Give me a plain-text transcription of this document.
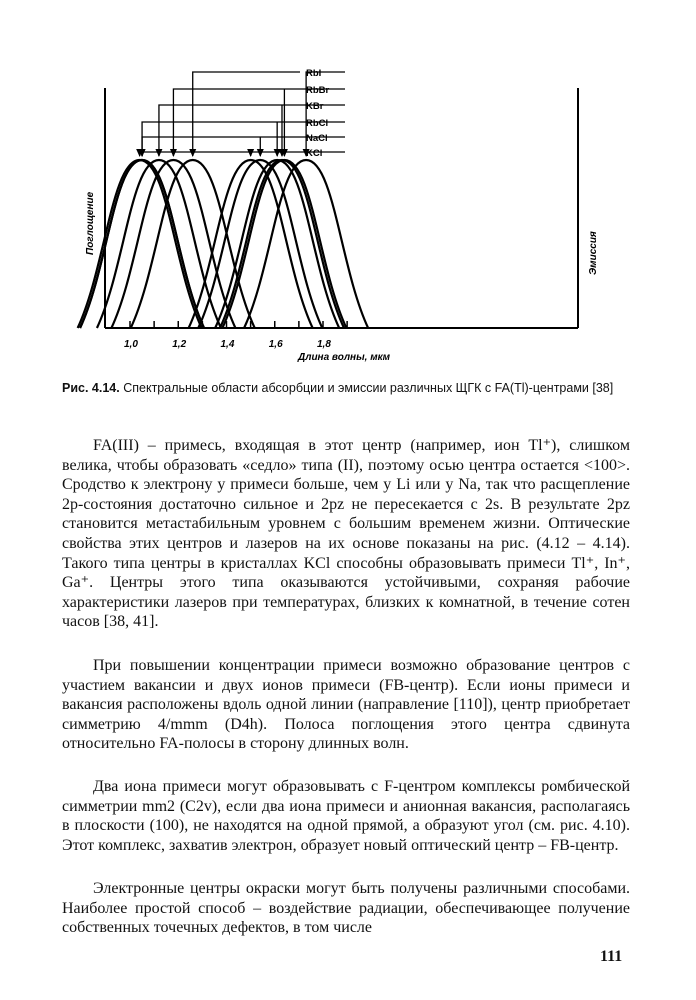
RbI
RbBr
KBr
RbCl
NaCl
KCl
1,0	1,2	1,4	1,6	1,8
Поглощение	Эмиссия
Длина волны, мкм
Рис. 4.14. Спектральные области абсорбции и эмиссии различных ЩГК с FA(Tl)-центрами [38]

FA(III) – примесь, входящая в этот центр (например, ион Tl⁺), слишком велика, чтобы образовать «седло» типа (II), поэтому осью центра остается <100>. Сродство к электрону у примеси больше, чем у Li или у Na, так что расщепление 2p-состояния достаточно сильное и 2pz не пересекается с 2s. В результате 2pz становится метастабильным уровнем с большим временем жизни. Оптические свойства этих центров и лазеров на их основе показаны на рис. (4.12 – 4.14). Такого типа центры в кристаллах KCl способны образовывать примеси Tl⁺, In⁺, Ga⁺. Центры этого типа оказываются устойчивыми, сохраняя рабочие характеристики лазеров при температурах, близких к комнатной, в течение сотен часов [38, 41].

При повышении концентрации примеси возможно образование центров с участием вакансии и двух ионов примеси (FB-центр). Если ионы примеси и вакансия расположены вдоль одной линии (направление [110]), центр приобретает симметрию 4/mmm (D4h). Полоса поглощения этого центра сдвинута относительно FA-полосы в сторону длинных волн.

Два иона примеси могут образовывать с F-центром комплексы ромбической симметрии mm2 (C2v), если два иона примеси и анионная вакансия, располагаясь в плоскости (100), не находятся на одной прямой, а образуют угол (см. рис. 4.10). Этот комплекс, захватив электрон, образует новый оптический центр – FB-центр.

Электронные центры окраски могут быть получены различными способами. Наиболее простой способ – воздействие радиации, обеспечивающее получение собственных точечных дефектов, в том числе

111
